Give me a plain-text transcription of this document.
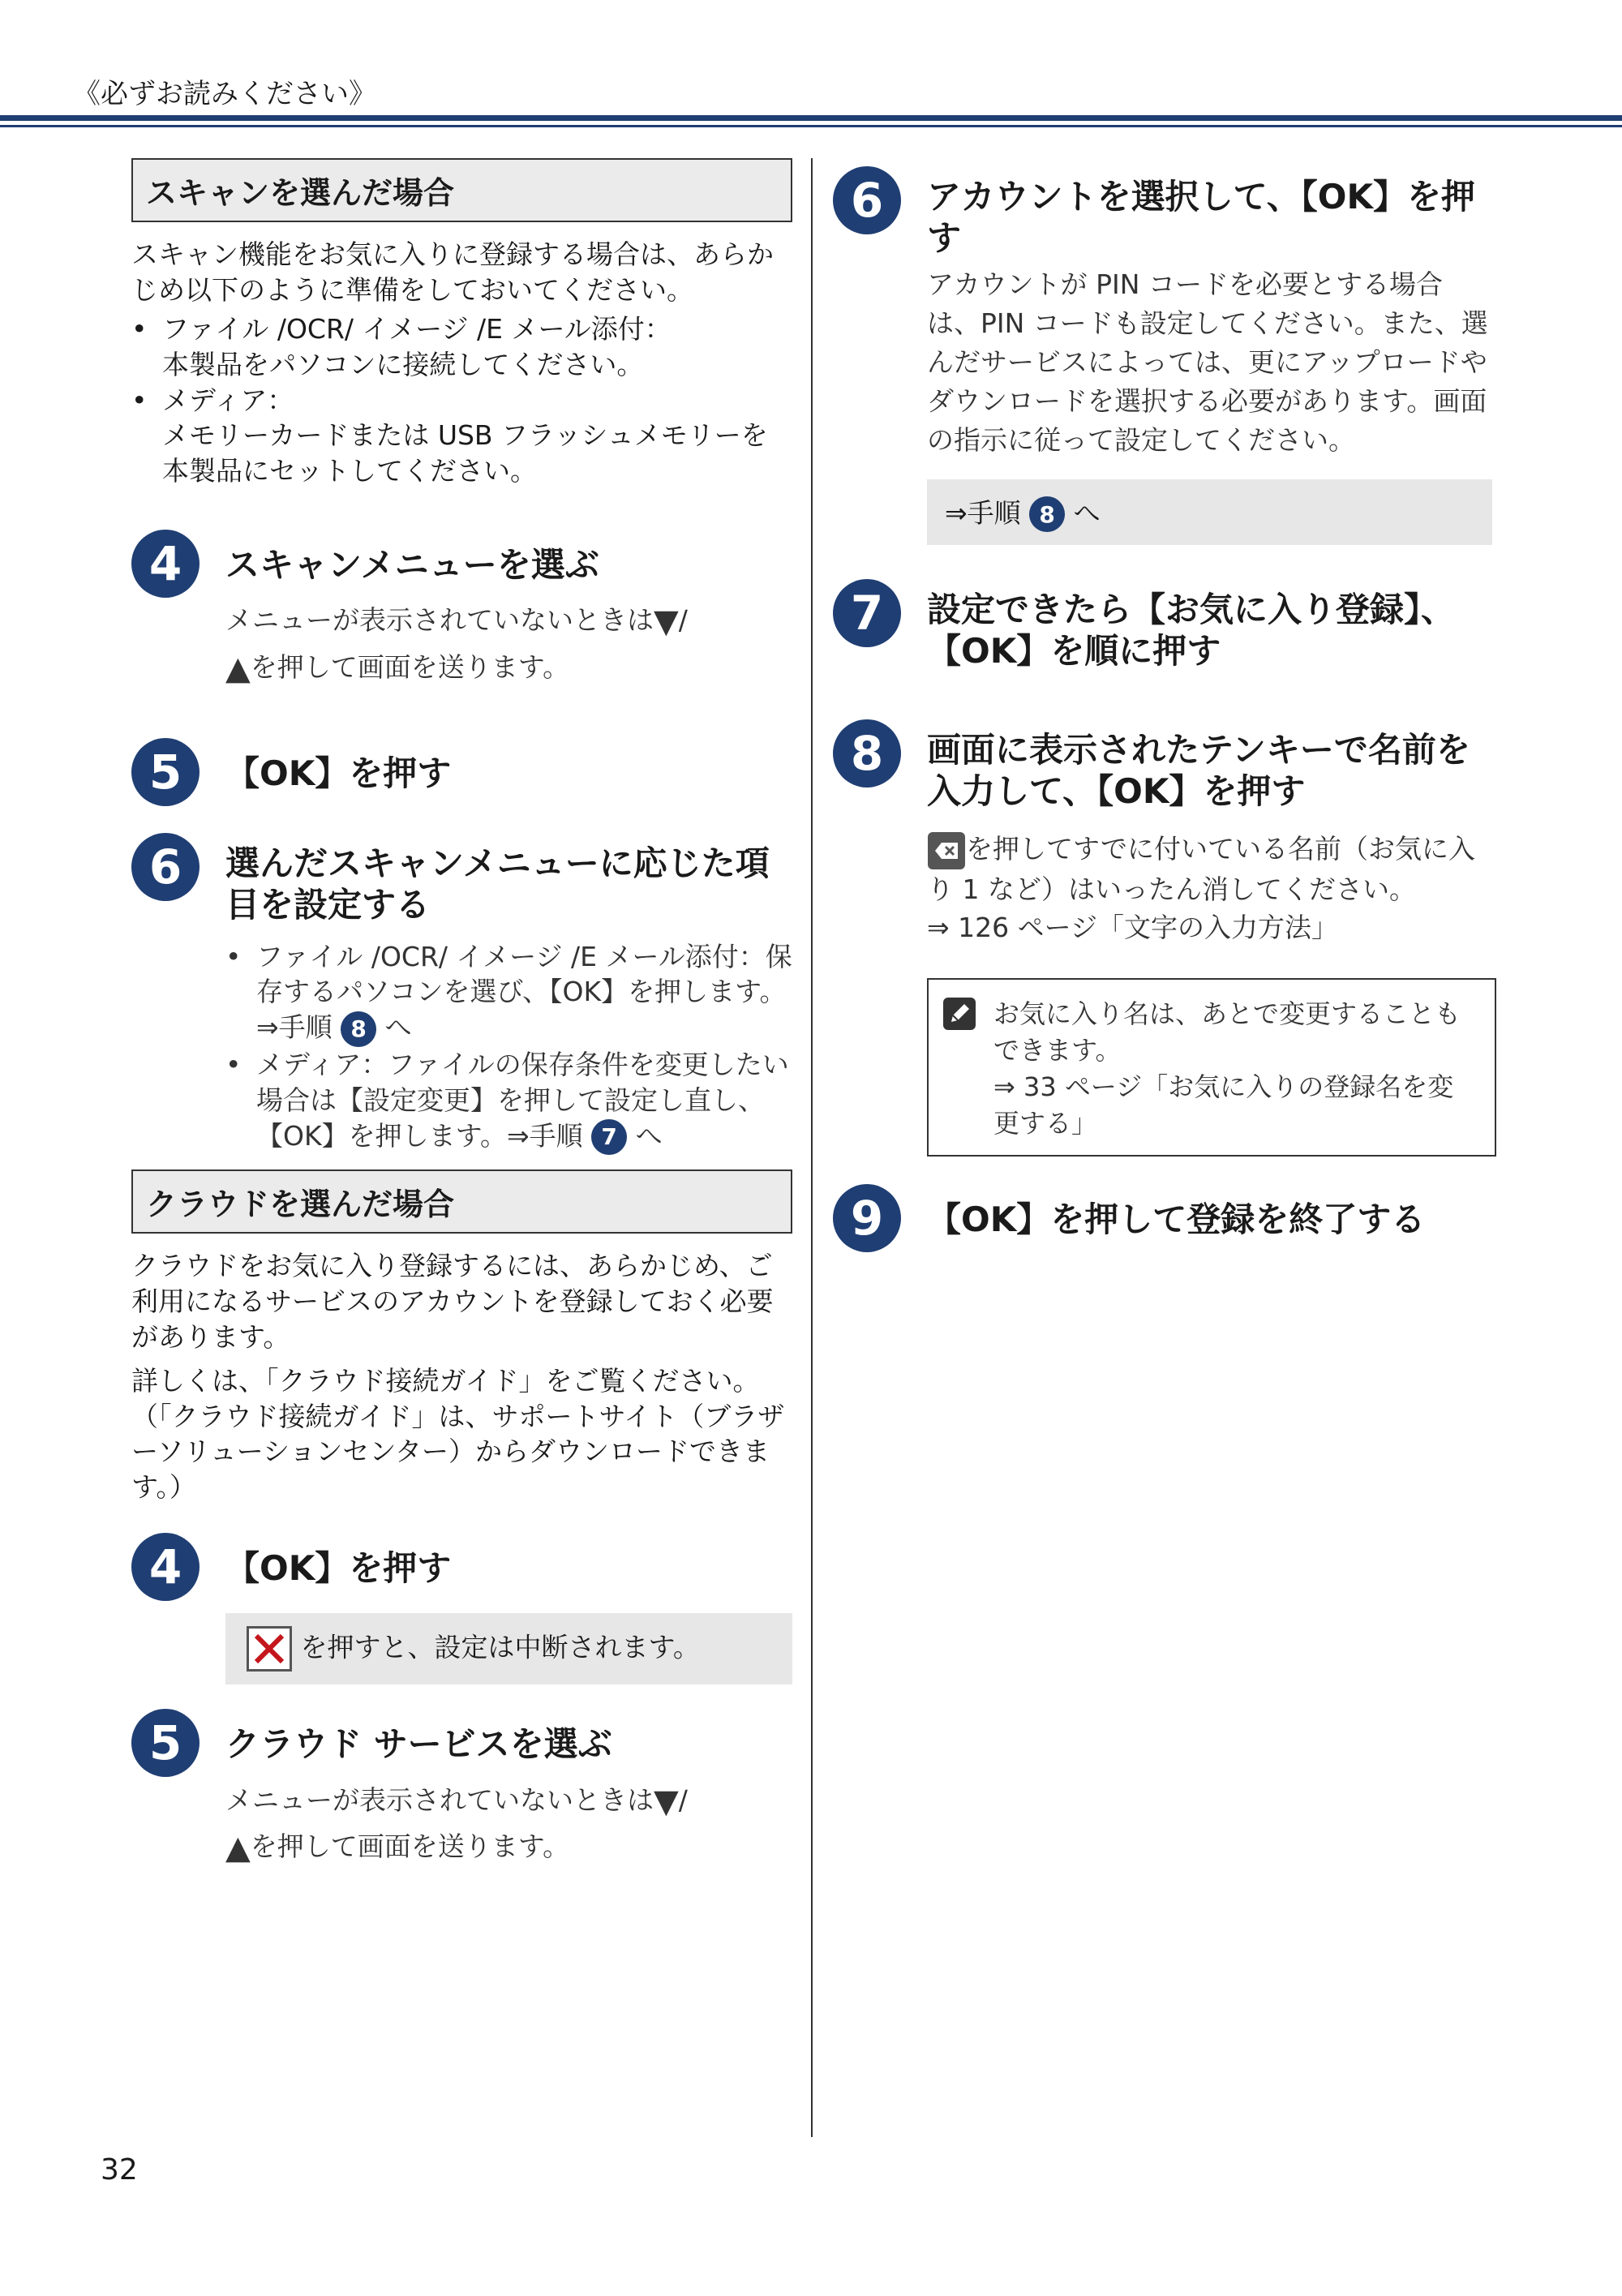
《必ずお読みください》
スキャンを選んだ場合
スキャン機能をお気に入りに登録する場合は、あらかじめ以下のように準備をしておいてください。
• ファイル /OCR/ イメージ /E メール添付：
本製品をパソコンに接続してください。
• メディア：
メモリーカードまたは USB フラッシュメモリーを本製品にセットしてください。
4	スキャンメニューを選ぶ
メニューが表示されていないときは▼/
▲を押して画面を送ります。
5	【OK】を押す
6	選んだスキャンメニューに応じた項目を設定する
• ファイル /OCR/ イメージ /E メール添付：保存するパソコンを選び、【OK】を押します。⇒手順 8 へ
• メディア：ファイルの保存条件を変更したい場合は【設定変更】を押して設定し直し、【OK】を押します。⇒手順 7 へ
クラウドを選んだ場合
クラウドをお気に入り登録するには、あらかじめ、ご利用になるサービスのアカウントを登録しておく必要があります。
詳しくは、「クラウド接続ガイド」をご覧ください。（「クラウド接続ガイド」は、サポートサイト（ブラザーソリューションセンター）からダウンロードできます。）
4	【OK】を押す
を押すと、設定は中断されます。
5	クラウド サービスを選ぶ
メニューが表示されていないときは▼/
▲を押して画面を送ります。
6	アカウントを選択して、【OK】を押す
アカウントが PIN コードを必要とする場合は、PIN コードも設定してください。また、選んだサービスによっては、更にアップロードやダウンロードを選択する必要があります。画面の指示に従って設定してください。
⇒手順 8 へ
7	設定できたら【お気に入り登録】、【OK】を順に押す
8	画面に表示されたテンキーで名前を入力して、【OK】を押す
を押してすでに付いている名前（お気に入り 1 など）はいったん消してください。
⇒ 126 ページ「文字の入力方法」
お気に入り名は、あとで変更することもできます。
⇒ 33 ページ「お気に入りの登録名を変更する」
9	【OK】を押して登録を終了する
32
